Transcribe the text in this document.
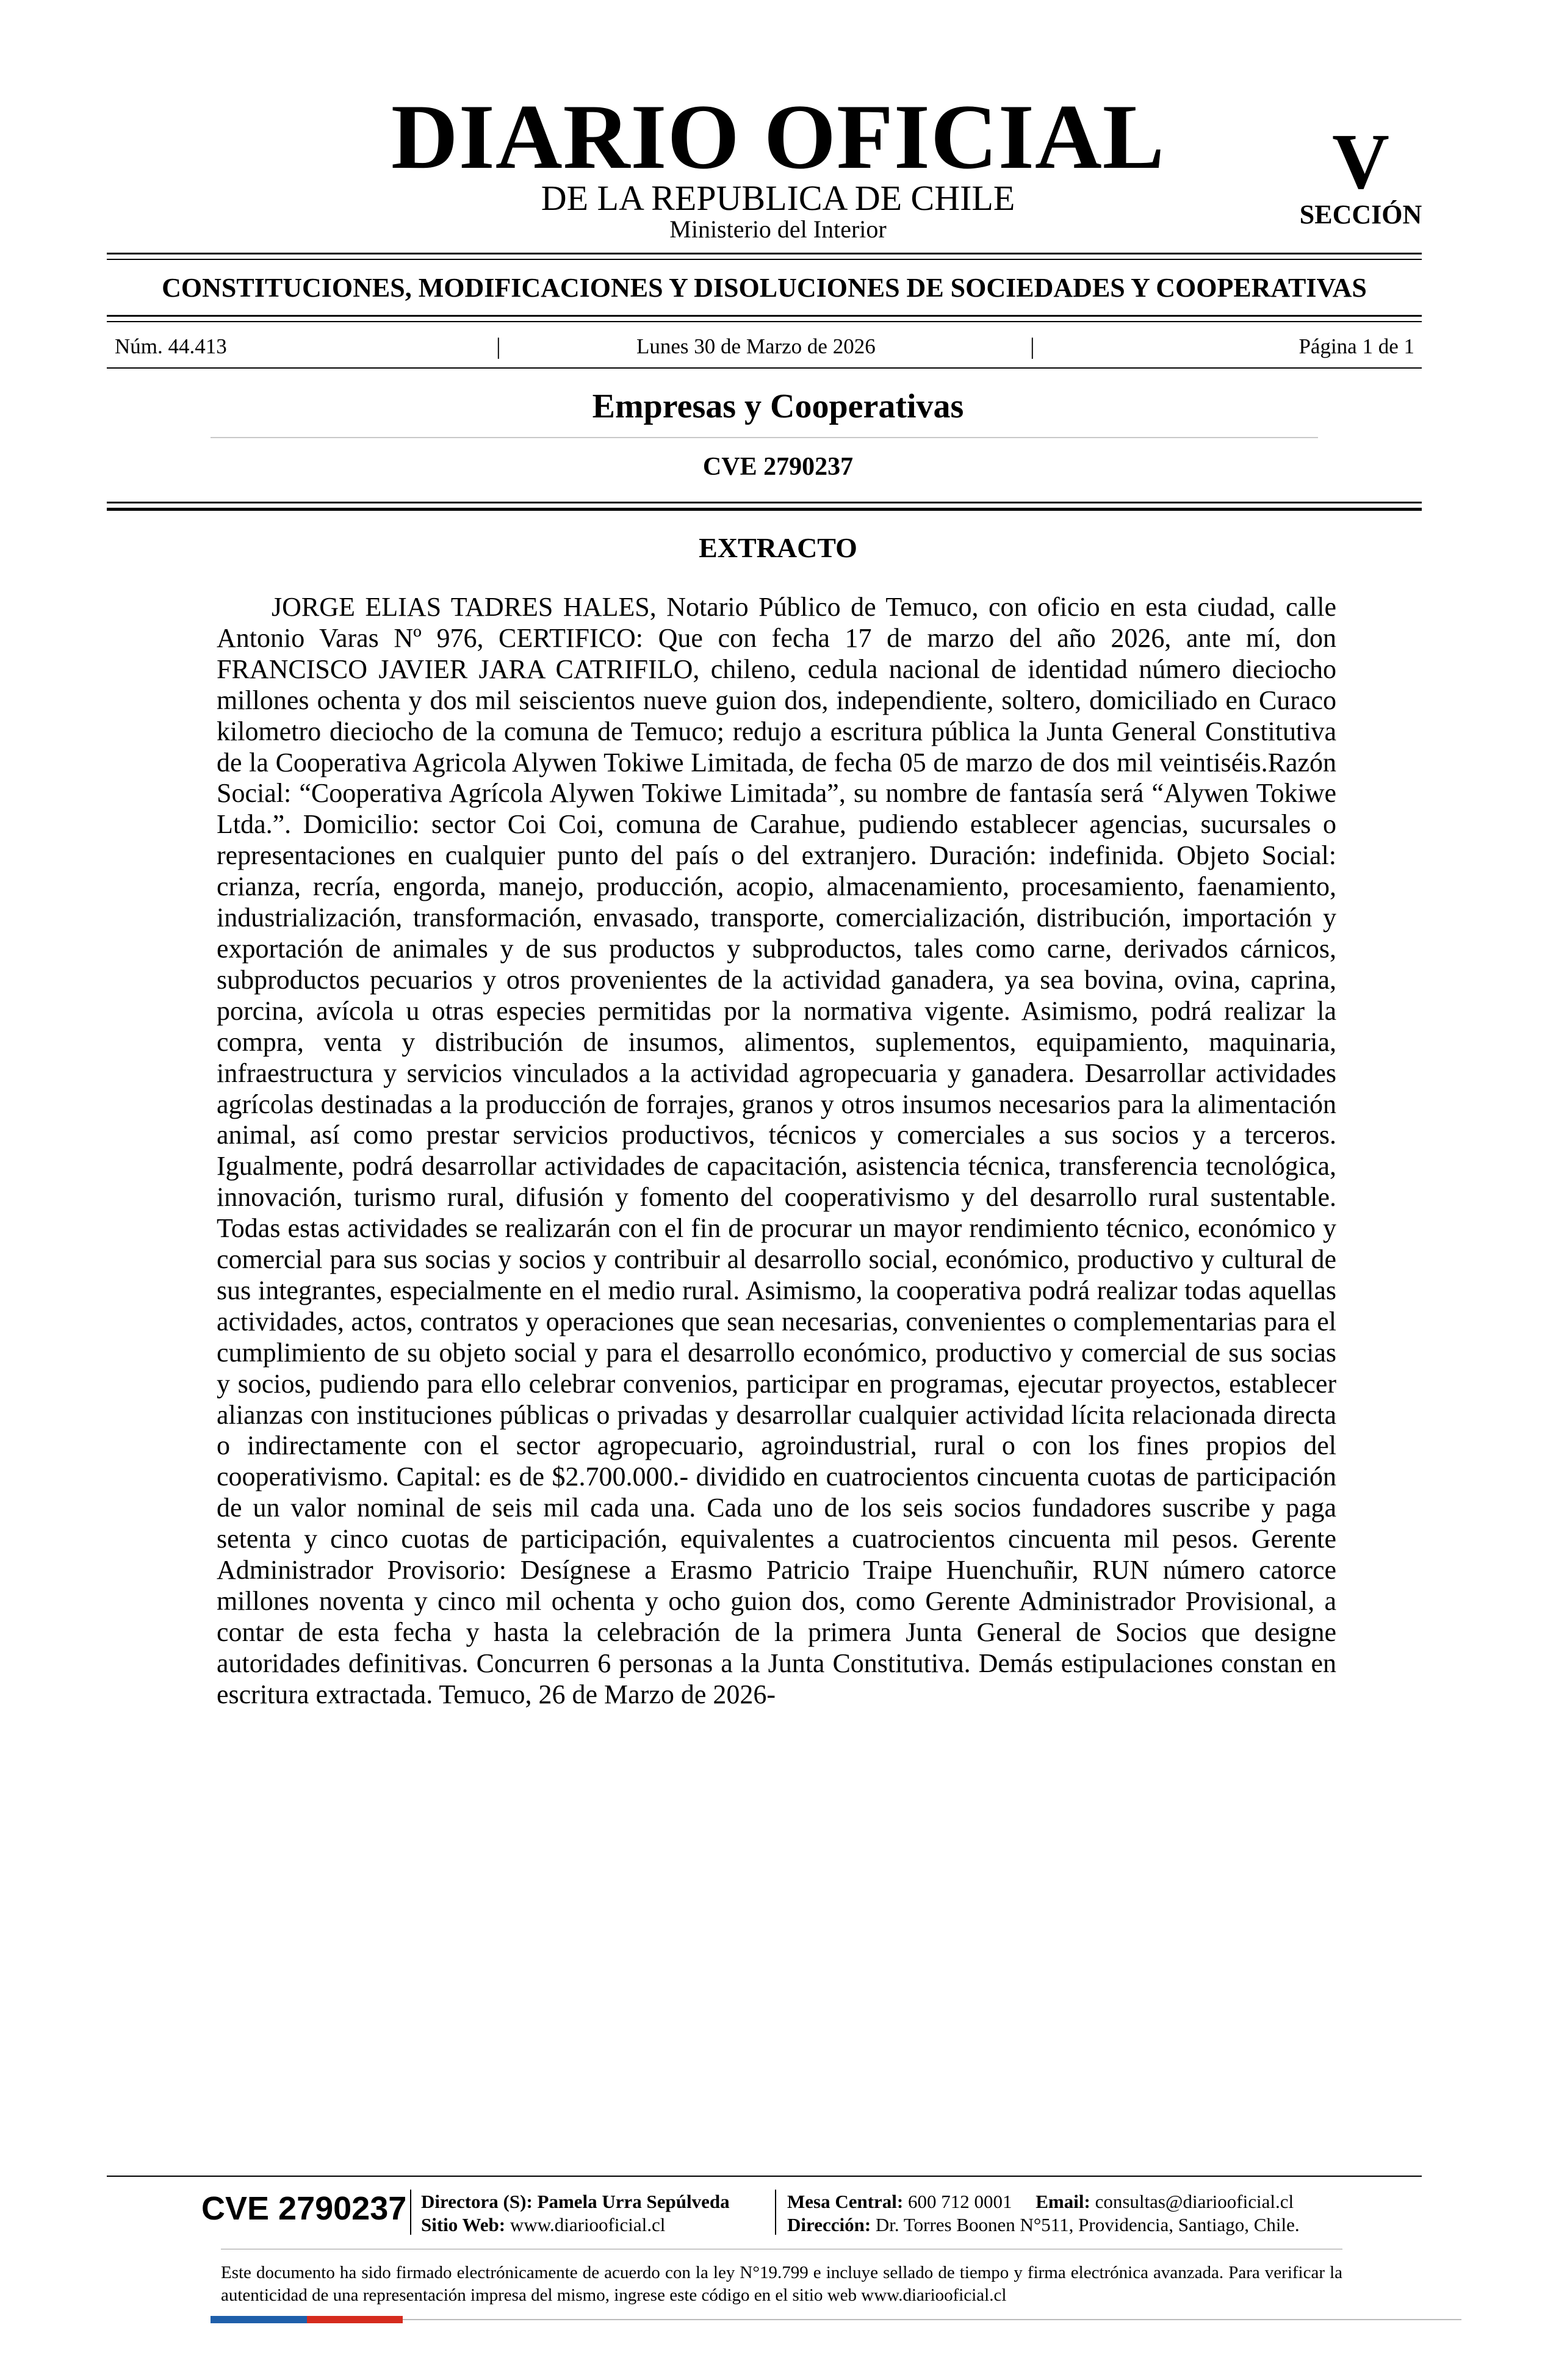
DIARIO OFICIAL
DE LA REPUBLICA DE CHILE
Ministerio del Interior
V
SECCIÓN
CONSTITUCIONES, MODIFICACIONES Y DISOLUCIONES DE SOCIEDADES Y COOPERATIVAS
Núm. 44.413	|	Lunes 30 de Marzo de 2026	|	Página 1 de 1
Empresas y Cooperativas
CVE 2790237
EXTRACTO
JORGE ELIAS TADRES HALES, Notario Público de Temuco, con oficio en esta ciudad, calle Antonio Varas Nº 976, CERTIFICO: Que con fecha 17 de marzo del año 2026, ante mí, don FRANCISCO JAVIER JARA CATRIFILO, chileno, cedula nacional de identidad número dieciocho millones ochenta y dos mil seiscientos nueve guion dos, independiente, soltero, domiciliado en Curaco kilometro dieciocho de la comuna de Temuco; redujo a escritura pública la Junta General Constitutiva de la Cooperativa Agricola Alywen Tokiwe Limitada, de fecha 05 de marzo de dos mil veintiséis.Razón Social: “Cooperativa Agrícola Alywen Tokiwe Limitada”, su nombre de fantasía será “Alywen Tokiwe Ltda.”. Domicilio: sector Coi Coi, comuna de Carahue, pudiendo establecer agencias, sucursales o representaciones en cualquier punto del país o del extranjero. Duración: indefinida. Objeto Social: crianza, recría, engorda, manejo, producción, acopio, almacenamiento, procesamiento, faenamiento, industrialización, transformación, envasado, transporte, comercialización, distribución, importación y exportación de animales y de sus productos y subproductos, tales como carne, derivados cárnicos, subproductos pecuarios y otros provenientes de la actividad ganadera, ya sea bovina, ovina, caprina, porcina, avícola u otras especies permitidas por la normativa vigente. Asimismo, podrá realizar la compra, venta y distribución de insumos, alimentos, suplementos, equipamiento, maquinaria, infraestructura y servicios vinculados a la actividad agropecuaria y ganadera. Desarrollar actividades agrícolas destinadas a la producción de forrajes, granos y otros insumos necesarios para la alimentación animal, así como prestar servicios productivos, técnicos y comerciales a sus socios y a terceros. Igualmente, podrá desarrollar actividades de capacitación, asistencia técnica, transferencia tecnológica, innovación, turismo rural, difusión y fomento del cooperativismo y del desarrollo rural sustentable. Todas estas actividades se realizarán con el fin de procurar un mayor rendimiento técnico, económico y comercial para sus socias y socios y contribuir al desarrollo social, económico, productivo y cultural de sus integrantes, especialmente en el medio rural. Asimismo, la cooperativa podrá realizar todas aquellas actividades, actos, contratos y operaciones que sean necesarias, convenientes o complementarias para el cumplimiento de su objeto social y para el desarrollo económico, productivo y comercial de sus socias y socios, pudiendo para ello celebrar convenios, participar en programas, ejecutar proyectos, establecer alianzas con instituciones públicas o privadas y desarrollar cualquier actividad lícita relacionada directa o indirectamente con el sector agropecuario, agroindustrial, rural o con los fines propios del cooperativismo. Capital: es de $2.700.000.- dividido en cuatrocientos cincuenta cuotas de participación de un valor nominal de seis mil cada una. Cada uno de los seis socios fundadores suscribe y paga setenta y cinco cuotas de participación, equivalentes a cuatrocientos cincuenta mil pesos. Gerente Administrador Provisorio: Desígnese a Erasmo Patricio Traipe Huenchuñir, RUN número catorce millones noventa y cinco mil ochenta y ocho guion dos, como Gerente Administrador Provisional, a contar de esta fecha y hasta la celebración de la primera Junta General de Socios que designe autoridades definitivas. Concurren 6 personas a la Junta Constitutiva. Demás estipulaciones constan en escritura extractada. Temuco, 26 de Marzo de 2026-
CVE 2790237 Directora (S): Pamela Urra Sepúlveda
Sitio Web: www.diariooficial.cl
Mesa Central: 600 712 0001 Email: consultas@diariooficial.cl
Dirección: Dr. Torres Boonen N°511, Providencia, Santiago, Chile.
Este documento ha sido firmado electrónicamente de acuerdo con la ley N°19.799 e incluye sellado de tiempo y firma electrónica avanzada. Para verificar la autenticidad de una representación impresa del mismo, ingrese este código en el sitio web www.diariooficial.cl
